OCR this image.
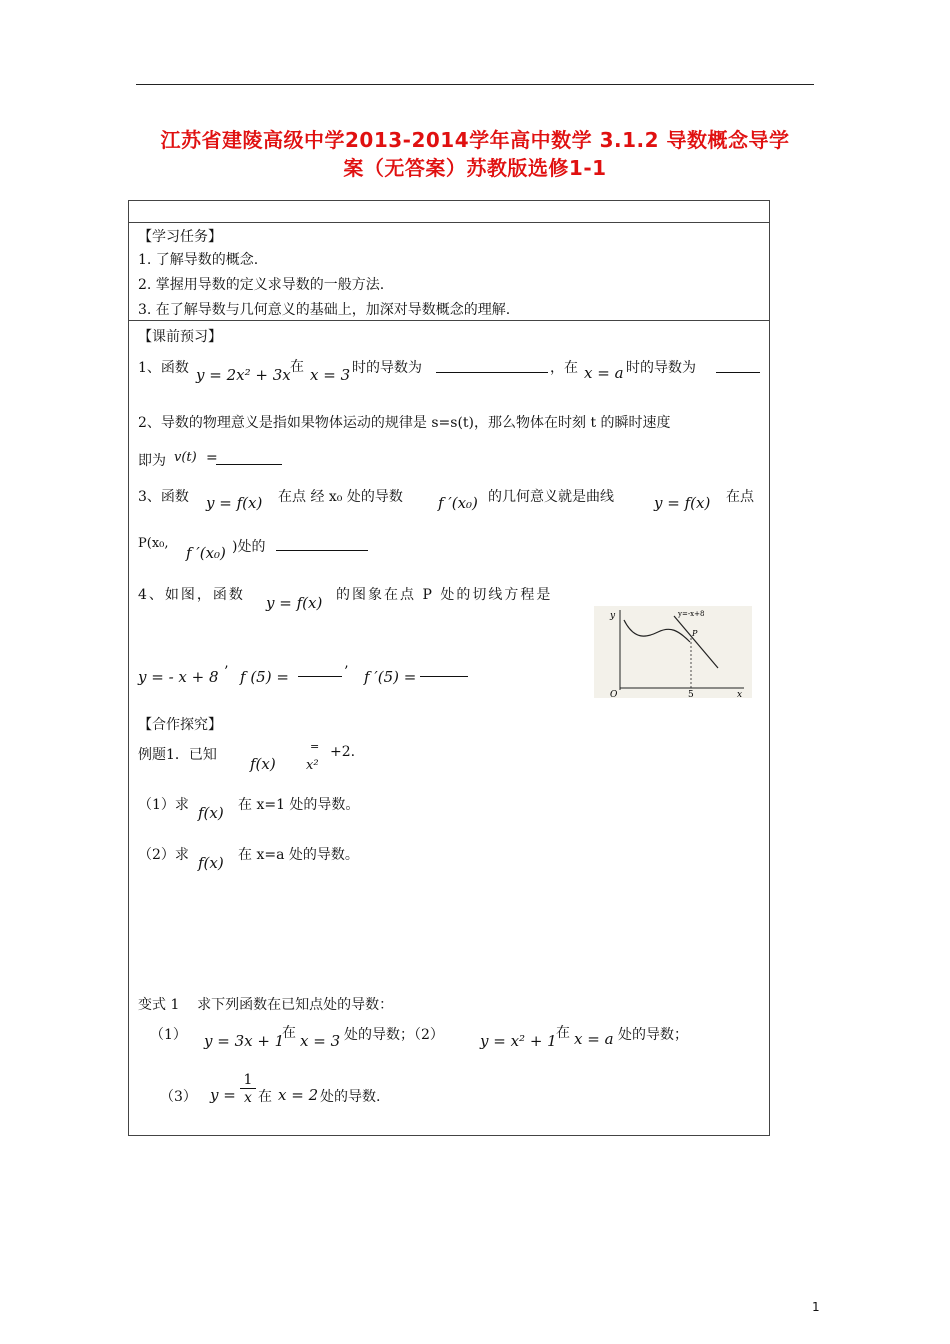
江苏省建陵高级中学2013-2014学年高中数学 3.1.2 导数概念导学
案（无答案）苏教版选修1-1
【学习任务】
1. 了解导数的概念.
2. 掌握用导数的定义求导数的一般方法.
3. 在了解导数与几何意义的基础上，加深对导数概念的理解.
【课前预习】
1、函数 y = 2x² + 3x 在 x = 3 时的导数为	，在 x = a 时的导数为
2、导数的物理意义是指如果物体运动的规律是 s=s(t)，那么物体在时刻 t 的瞬时速度
即为 v(t) =
3、函数 y = f(x) 在点 经 x₀ 处的导数 f ′(x₀) 的几何意义就是曲线	y = f(x) 在点
P(x₀,
f ′(x₀) )处的
4、如图，函数 y = f(x) 的图象在点 P 处的切线方程是
y = - x + 8 ’ f (5) =	’ f ′(5) =
y
x
O	5
P
y=-x+8
【合作探究】
例题1．已知 f(x)
=
x²
+2.
（1）求 f(x) 在 x=1 处的导数。
（2）求 f(x) 在 x=a 处的导数。
变式 1    求下列函数在已知点处的导数：
（1） y = 3x + 1
在 x = 3 处的导数；（2） y = x² + 1 在 x = a 处的导数；
（3） y =
1
x 在 x = 2 处的导数.
1
